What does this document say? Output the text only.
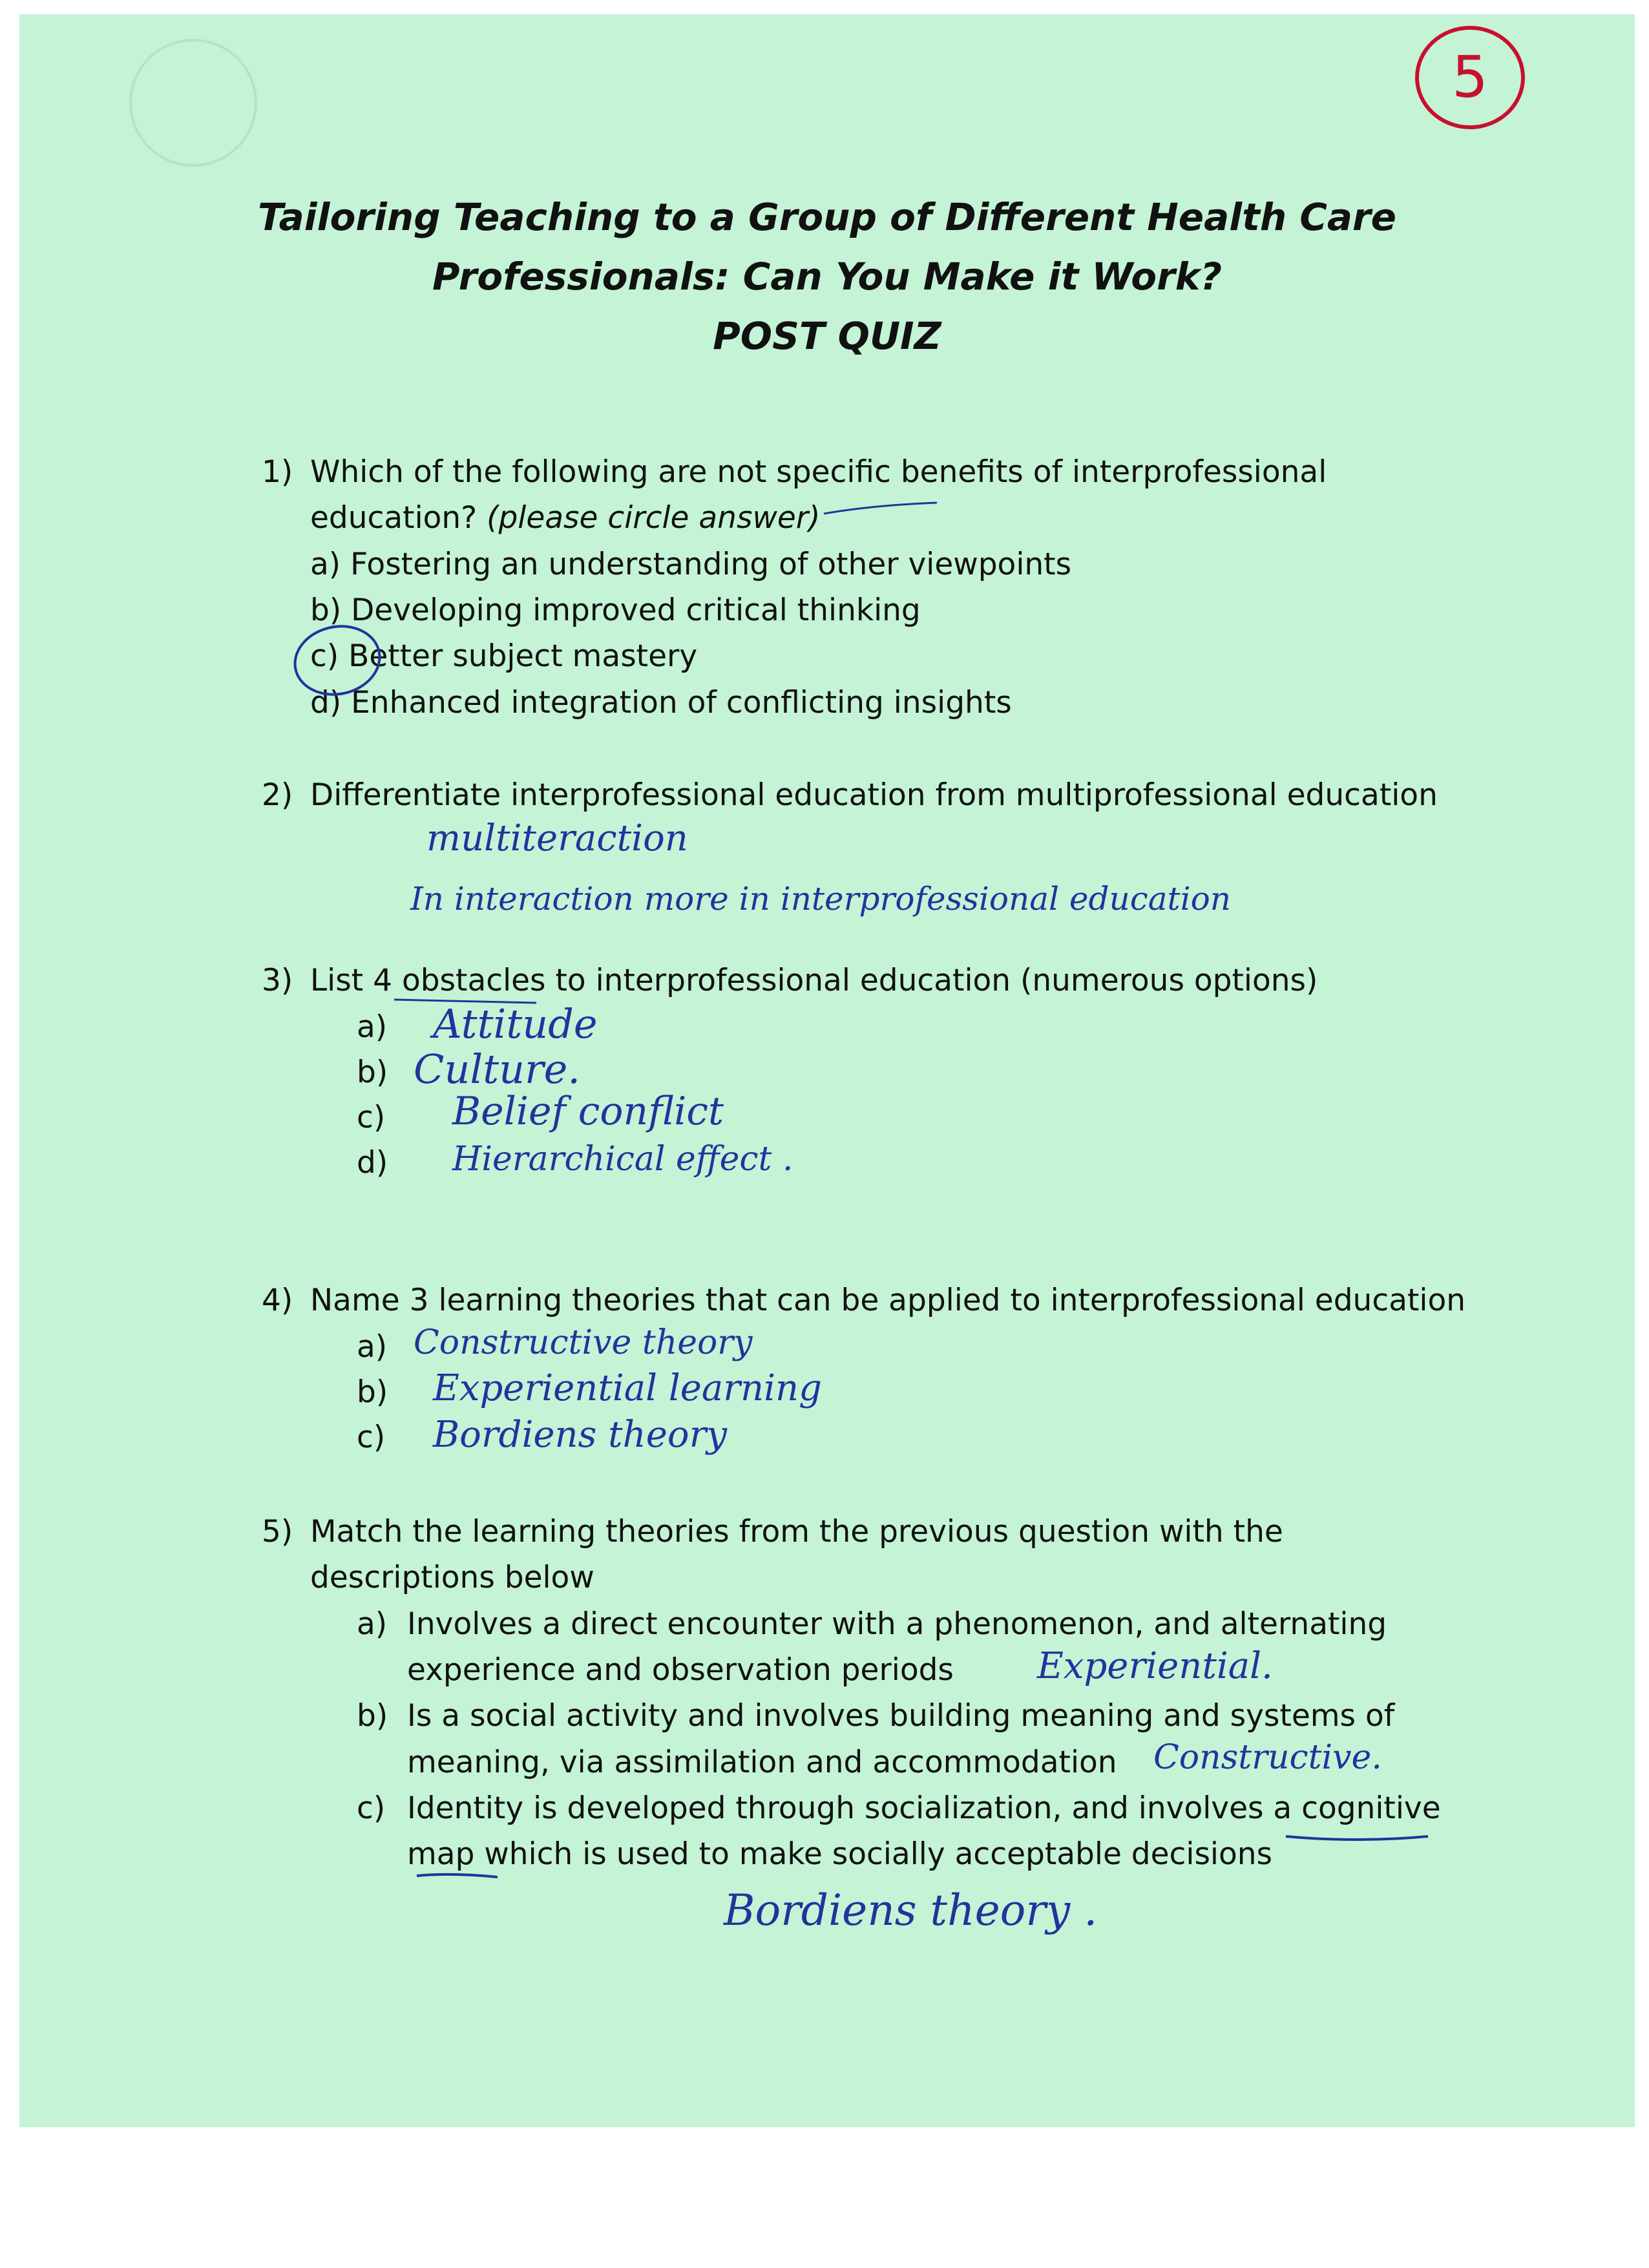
5
Tailoring Teaching to a Group of Different Health Care
Professionals: Can You Make it Work?
POST QUIZ
1) Which of the following are not specific benefits of interprofessional
education? (please circle answer)
a) Fostering an understanding of other viewpoints
b) Developing improved critical thinking
c) Better subject mastery
d) Enhanced integration of conflicting insights
2) Differentiate interprofessional education from multiprofessional education
multiteraction
In interaction more in interprofessional education
3) List 4 obstacles to interprofessional education (numerous options)
a)
b)
c)
d)
Attitude
Culture.
Belief conflict
Hierarchical effect .
4) Name 3 learning theories that can be applied to interprofessional education
a)
b)
c)
Constructive theory
Experiential learning
Bordiens theory
5) Match the learning theories from the previous question with the
descriptions below
a) Involves a direct encounter with a phenomenon, and alternating
experience and observation periods Experiential.
b) Is a social activity and involves building meaning and systems of
meaning, via assimilation and accommodation Constructive.
c) Identity is developed through socialization, and involves a cognitive
map which is used to make socially acceptable decisions
Bordiens theory .
